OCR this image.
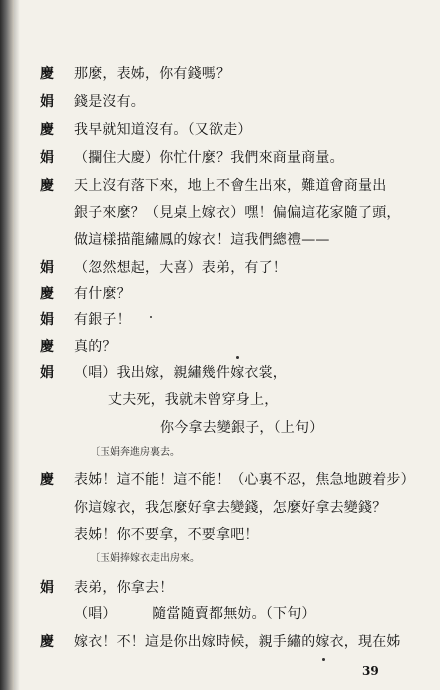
慶	那麼，表姊，你有錢嗎？
娟	錢是沒有。
慶	我早就知道沒有。（又欲走）
娟	（攔住大慶）你忙什麼？我們來商量商量。
慶	天上沒有落下來，地上不會生出來，難道會商量出
銀子來麼？（見桌上嫁衣）嘿！偏偏這花家隨了頭，
做這樣描龍繡鳳的嫁衣！這我們總禮——
娟	（忽然想起，大喜）表弟，有了！
慶	有什麼？
娟	有銀子！
慶	真的？
娟	（唱）我出嫁，親繡幾件嫁衣裳，
丈夫死，我就未曾穿身上，
你今拿去變銀子，（上句）
〔玉娟奔進房裏去。
慶	表姊！這不能！這不能！（心裏不忍，焦急地踱着步）
你這嫁衣，我怎麼好拿去變錢，怎麼好拿去變錢？
表姊！你不要拿，不要拿吧！
〔玉娟捧嫁衣走出房來。
娟	表弟，你拿去！
（唱）　　　隨當隨賣都無妨。（下句）
慶	嫁衣！不！這是你出嫁時候，親手繡的嫁衣，現在姊
39
